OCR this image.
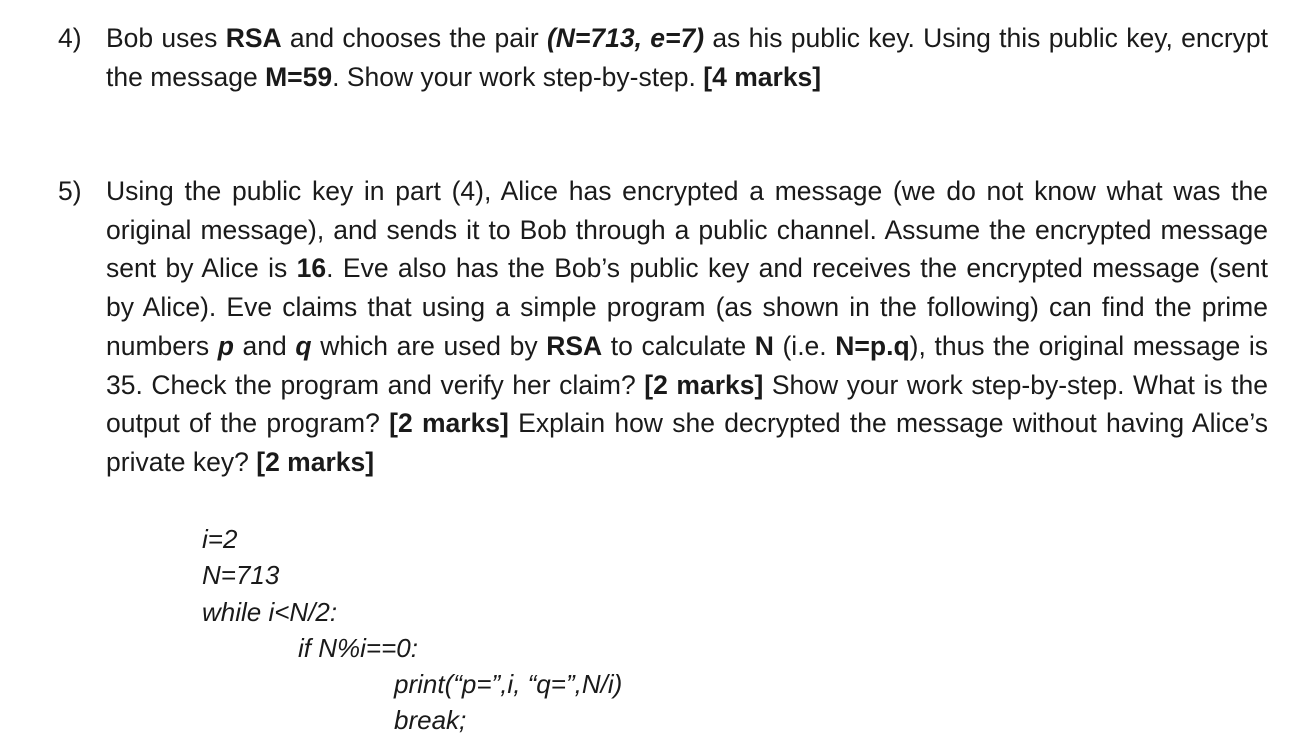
4) Bob uses RSA and chooses the pair (N=713, e=7) as his public key. Using this public key, encrypt the message M=59. Show your work step-by-step. [4 marks]
5) Using the public key in part (4), Alice has encrypted a message (we do not know what was the original message), and sends it to Bob through a public channel. Assume the encrypted message sent by Alice is 16. Eve also has the Bob’s public key and receives the encrypted message (sent by Alice). Eve claims that using a simple program (as shown in the following) can find the prime numbers p and q which are used by RSA to calculate N (i.e. N=p.q), thus the original message is 35. Check the program and verify her claim? [2 marks] Show your work step-by-step. What is the output of the program? [2 marks] Explain how she decrypted the message without having Alice’s private key? [2 marks]
i=2
N=713
while i<N/2:
if N%i==0:
print(“p=”,i, “q=”,N/i)
break;
